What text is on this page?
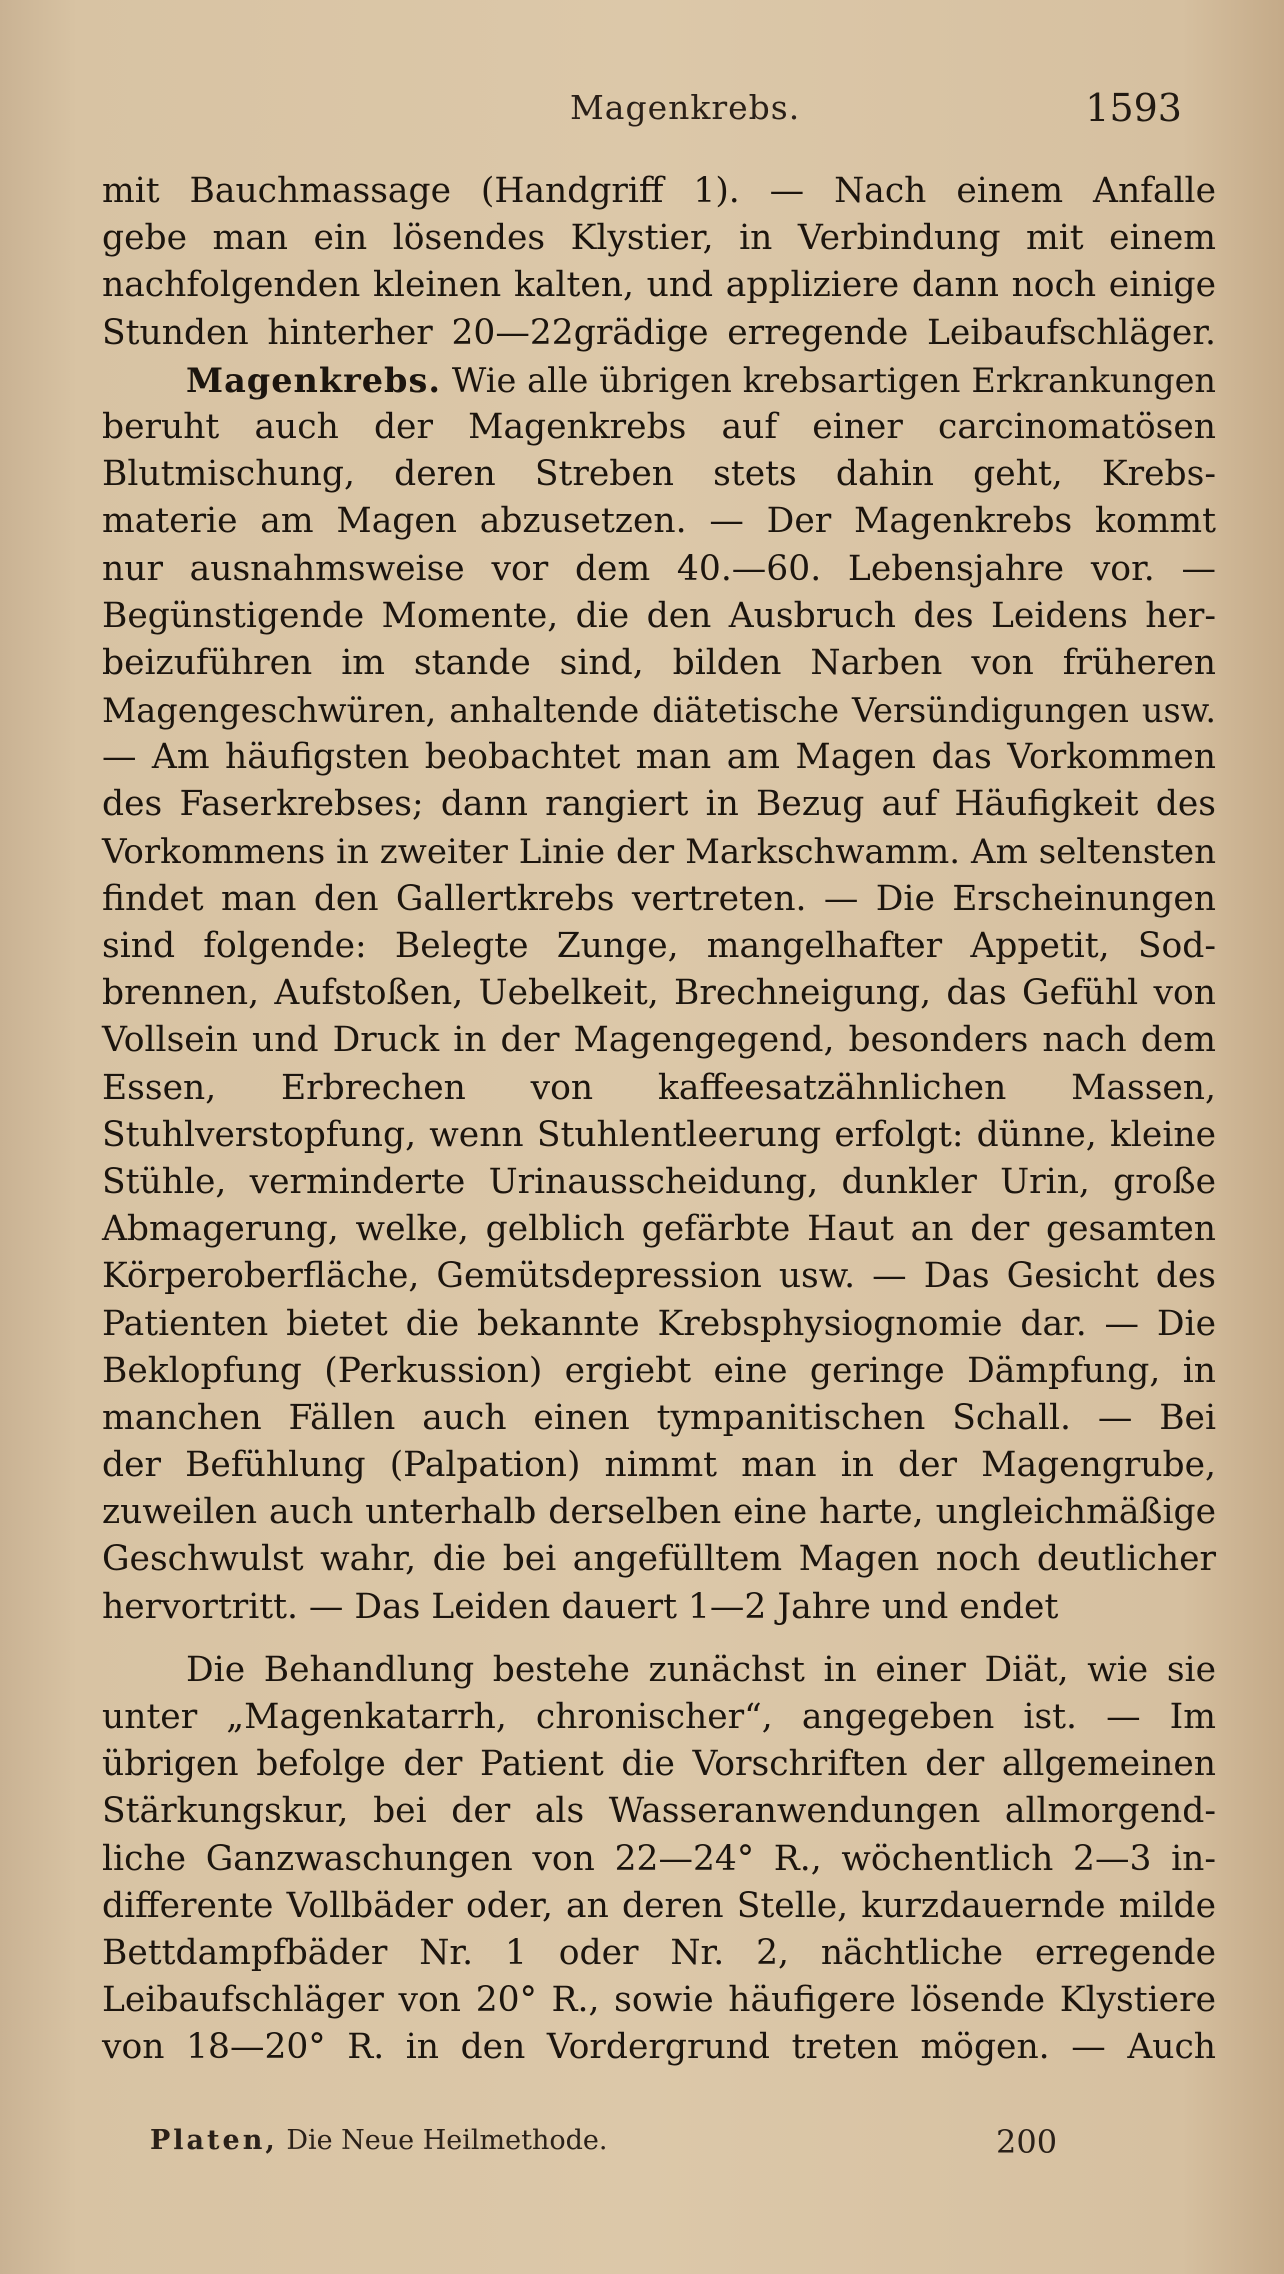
Magenkrebs.	1593
mit Bauchmassage (Handgriff 1). — Nach einem Anfalle
gebe man ein lösendes Klystier, in Verbindung mit einem
nachfolgenden kleinen kalten, und appliziere dann noch einige
Stunden hinterher 20—22grädige erregende Leibaufschläger.
Magenkrebs. Wie alle übrigen krebsartigen Erkrankungen
beruht auch der Magenkrebs auf einer carcinomatösen
Blutmischung, deren Streben stets dahin geht, Krebs-
materie am Magen abzusetzen. — Der Magenkrebs kommt
nur ausnahmsweise vor dem 40.—60. Lebensjahre vor. —
Begünstigende Momente, die den Ausbruch des Leidens her-
beizuführen im stande sind, bilden Narben von früheren
Magengeschwüren, anhaltende diätetische Versündigungen usw.
— Am häufigsten beobachtet man am Magen das Vorkommen
des Faserkrebses; dann rangiert in Bezug auf Häufigkeit des
Vorkommens in zweiter Linie der Markschwamm. Am seltensten
findet man den Gallertkrebs vertreten. — Die Erscheinungen
sind folgende: Belegte Zunge, mangelhafter Appetit, Sod-
brennen, Aufstoßen, Uebelkeit, Brechneigung, das Gefühl von
Vollsein und Druck in der Magengegend, besonders nach dem
Essen, Erbrechen von kaffeesatzähnlichen Massen,
Stuhlverstopfung, wenn Stuhlentleerung erfolgt: dünne, kleine
Stühle, verminderte Urinausscheidung, dunkler Urin, große
Abmagerung, welke, gelblich gefärbte Haut an der gesamten
Körperoberfläche, Gemütsdepression usw. — Das Gesicht des
Patienten bietet die bekannte Krebsphysiognomie dar. — Die
Beklopfung (Perkussion) ergiebt eine geringe Dämpfung, in
manchen Fällen auch einen tympanitischen Schall. — Bei
der Befühlung (Palpation) nimmt man in der Magengrube,
zuweilen auch unterhalb derselben eine harte, ungleichmäßige
Geschwulst wahr, die bei angefülltem Magen noch deutlicher
hervortritt. — Das Leiden dauert 1—2 Jahre und endet
Die Behandlung bestehe zunächst in einer Diät, wie sie
unter „Magenkatarrh, chronischer“, angegeben ist. — Im
übrigen befolge der Patient die Vorschriften der allgemeinen
Stärkungskur, bei der als Wasseranwendungen allmorgend-
liche Ganzwaschungen von 22—24° R., wöchentlich 2—3 in-
differente Vollbäder oder, an deren Stelle, kurzdauernde milde
Bettdampfbäder Nr. 1 oder Nr. 2, nächtliche erregende
Leibaufschläger von 20° R., sowie häufigere lösende Klystiere
von 18—20° R. in den Vordergrund treten mögen. — Auch
Platen, Die Neue Heilmethode.	200
